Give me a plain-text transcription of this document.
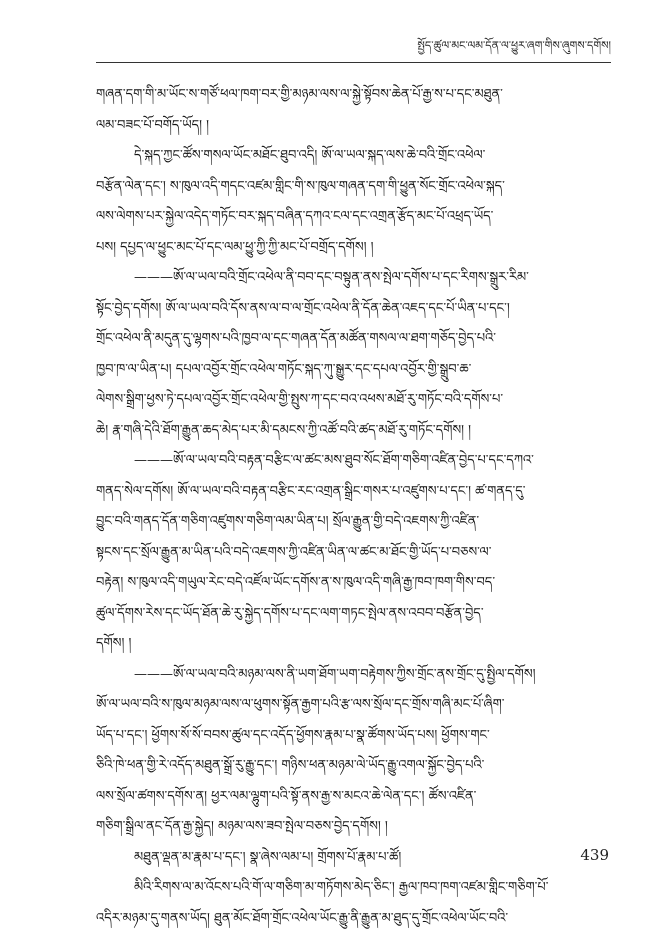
སྤྱོད་ཚུལ་མང་ལམ་དོན་ལ་ཕྱུར་ཞག་གིས་ཞུགས་དགོས།
གཞན་དག་གི་མ་ཡོང་ས་གཙོ་ཕལ་ཁག་བར་གྱི་མཉམ་ལས་ལ་སྐྱེ་སྟོབས་ཆེན་པོ་རྒྱ་ས་པ་དང་མཐུན་
ལམ་བཟང་པོ་བགོད་ཡོད། །
དེ་སྐད་ཀྱང་ཚོས་གསལ་ཡོང་མཐོང་ཐུབ་འདི། ཨོ་ལ་ཡལ་སྐད་ལས་ཆེ་བའི་གྲོང་འཕེལ་
བརྩོན་ལེན་དང་། ས་ཁུལ་འདི་གདང་འཛམ་གླིང་གི་ས་ཁུལ་གཞན་དག་གི་ཕྱུན་སོང་གྲོང་འཕེལ་སྐད་
ལས་ལེགས་པར་སྐྱེལ་འདེད་གཏོང་བར་སྐད་བཞིན་དཀའ་ངལ་དང་འགྲན་རྩོད་མང་པོ་འཕྲད་ཡོད་
པས། དཔྱད་ལ་ཕྱུང་མང་པོ་དང་ལམ་ཕྱུ་ཀྱི་ཀྱི་མང་པོ་བགྲོད་དགོས། །
———ཨོ་ལ་ཡལ་བའི་གྲོང་འཕེལ་ནི་བབ་དང་བསྟུན་ནས་སྤེལ་དགོས་པ་དང་རིགས་སྒྲུར་རིམ་
སྟོང་བྱེད་དགོས། ཨོ་ལ་ཡལ་བའི་དོས་ནས་ལ་བ་ལ་གྲོང་འཕེལ་ནི་དོན་ཆེན་འཇད་དང་པོ་ཡིན་པ་དང་།
གྲོང་འཕེལ་ནི་མདུན་དུ་ལྷགས་པའི་ཁྱབ་ལ་དང་གཞན་དོན་མཚོན་གསལ་ལ་ཐག་གཅོད་བྱེད་པའི་
ཁྱབ་ཁ་ལ་ཡིན་པ། དཔལ་འབྱོར་གྲོང་འཕེལ་གཏོང་སྐད་ཀུ་སྒྱུར་དང་དཔལ་འབྱོར་གྱི་སྒྲུབ་ཆ་
ལེགས་སྒྲིག་ཕྱས་ཏེ་དཔལ་འབྱོར་གྲོང་འཕེལ་གྱི་སྤུས་ཀ་དང་བའ་འཕས་མཐོ་རུ་གཏོང་བའི་དགོས་པ་
ཆེ། རྣ་གཞི་དེའི་ཐོག་རྒྱུན་ཆད་མེད་པར་མི་དམངས་ཀྱི་འཚོ་བའི་ཚད་མཐོ་རུ་གཏོང་དགོས། །
———ཨོ་ལ་ཡལ་བའི་བརྟན་བརྩིང་ལ་ཚང་མས་ཐུབ་སོང་ཐོག་གཅིག་འཛིན་བྱེད་པ་དང་དཀའ་
གནད་སེལ་དགོས། ཨོ་ལ་ཡལ་བའི་བརྟན་བརྩིང་རང་འགྲན་སྒྲིང་གསར་པ་འཛུགས་པ་དང་། ཚ་གནད་དུ་
བྱུང་བའི་གནད་དོན་གཅིག་འཛུགས་གཅིག་ལམ་ཡིན་པ། སྲོལ་རྒྱུན་གྱི་བདེ་འཇགས་ཀྱི་འཛིན་
སྟངས་དང་སྲོལ་རྒྱུན་མ་ཡིན་པའི་བདེ་འཇགས་ཀྱི་འཛིན་ཡིན་ལ་ཚང་མ་ཐོང་གྱི་ཡོད་པ་བཅས་ལ་
བརྟེན། ས་ཁུལ་འདི་གཡུལ་རེང་བདེ་འཛོལ་ཡོང་དགོས་ན་ས་ཁུལ་འདི་གཞི་རྒྱ་ཁབ་ཁག་གིས་བད་
ཚུལ་དོགས་རེས་དང་ཡོད་ཐོན་ཆེ་རུ་སྐྱེད་དགོས་པ་དང་ལག་གཏང་སྤེལ་ནས་འབབ་བརྩོན་བྱེད་
དགོས། །
———ཨོ་ལ་ཡལ་བའི་མཉམ་ལས་ནི་ཡག་ཐོག་ཡག་བརྟེགས་ཀྱིས་གྲོང་ནས་གྲོང་དུ་སྤྱིལ་དགོས།
ཨོ་ལ་ཡལ་བའི་ས་ཁུལ་མཉམ་ལས་ལ་ཕུགས་སྟོན་རྒྱག་པའི་རྩ་ལས་སྲོལ་དང་གྲོས་གཞི་མང་པོ་ཞིག་
ཡོད་པ་དང་། ཕྱོགས་སོ་སོ་བབས་ཚུལ་དང་འདོད་ཕྱོགས་རྣམ་པ་སྣ་ཚོགས་ཡོད་པས། ཕྱོགས་གང་
ཅིའི་ཁེ་ཕན་གྱི་རེ་འདོད་མཐུན་སྒྲོ་རུ་རྒྱུ་དང་། གཉིས་ཕན་མཉམ་ལེ་ཡོད་རྒྱུ་འགལ་སྐྱོང་བྱེད་པའི་
ལས་སྲོལ་ཚགས་དགོས་ན། ཕྱར་ལམ་ལྷུག་པའི་སྟོ་ནས་རྒྱ་ས་མངའ་ཆེ་ལེན་དང་། ཚོས་འཛིན་
གཅིག་སྒྲིལ་ནང་དོན་རྒྱ་སྐྱེད། མཉམ་ལས་ཟབ་སྤེལ་བཅས་བྱེད་དགོས། །
མཐུན་ལྡན་མ་རྣམ་པ་དང་། སྣ་ཞེས་ལམ་པ། གྲོགས་པོ་རྣམ་པ་ཚོ།
མིའི་རིགས་ལ་མ་འོངས་པའི་གོ་ལ་གཅིག་མ་གཏོགས་མེད་ཅིང་། རྒྱལ་ཁབ་ཁག་འཛམ་གླིང་གཅིག་པོ་
འདིར་མཉམ་དུ་གནས་ཡོད། ཐུན་མོང་ཐོག་གྲོང་འཕེལ་ཡོང་རྒྱུ་ནི་རྒྱུན་མ་ཐུད་དུ་གྲོང་འཕེལ་ཡོང་བའི་
439
